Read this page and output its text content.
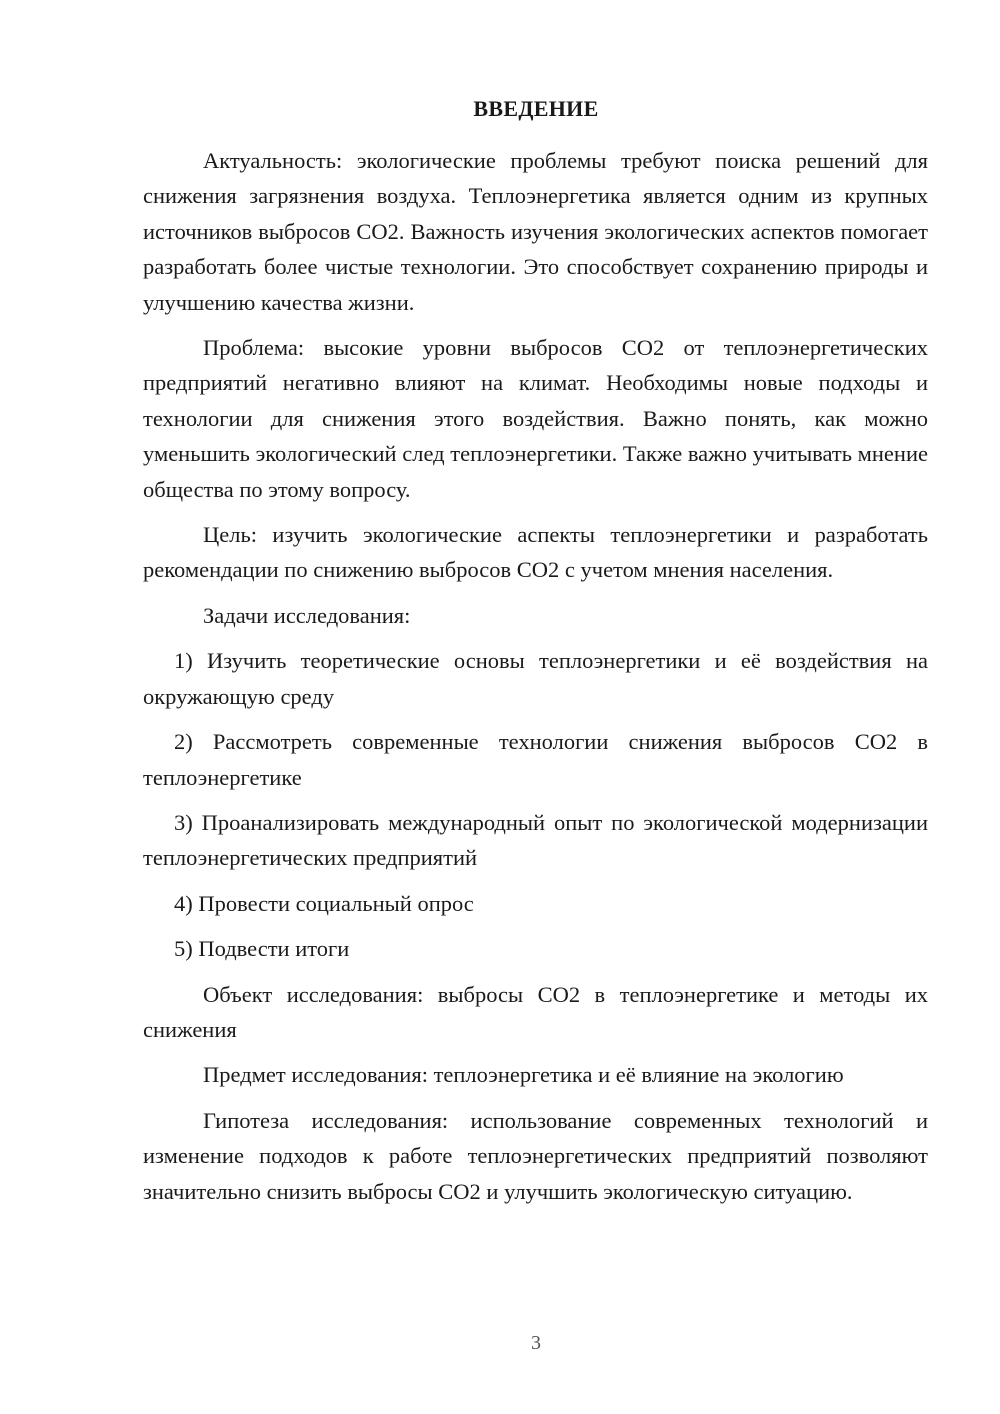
ВВЕДЕНИЕ

Актуальность: экологические проблемы требуют поиска решений для снижения загрязнения воздуха. Теплоэнергетика является одним из крупных источников выбросов CO2. Важность изучения экологических аспектов помогает разработать более чистые технологии. Это способствует сохранению природы и улучшению качества жизни.

Проблема: высокие уровни выбросов CO2 от теплоэнергетических предприятий негативно влияют на климат. Необходимы новые подходы и технологии для снижения этого воздействия. Важно понять, как можно уменьшить экологический след теплоэнергетики. Также важно учитывать мнение общества по этому вопросу.

Цель: изучить экологические аспекты теплоэнергетики и разработать рекомендации по снижению выбросов CO2 с учетом мнения населения.

Задачи исследования:

1) Изучить теоретические основы теплоэнергетики и её воздействия на окружающую среду

2) Рассмотреть современные технологии снижения выбросов CO2 в теплоэнергетике

3) Проанализировать международный опыт по экологической модернизации теплоэнергетических предприятий

4) Провести социальный опрос

5) Подвести итоги

Объект исследования: выбросы CO2 в теплоэнергетике и методы их снижения

Предмет исследования: теплоэнергетика и её влияние на экологию

Гипотеза исследования: использование современных технологий и изменение подходов к работе теплоэнергетических предприятий позволяют значительно снизить выбросы CO2 и улучшить экологическую ситуацию.

3
